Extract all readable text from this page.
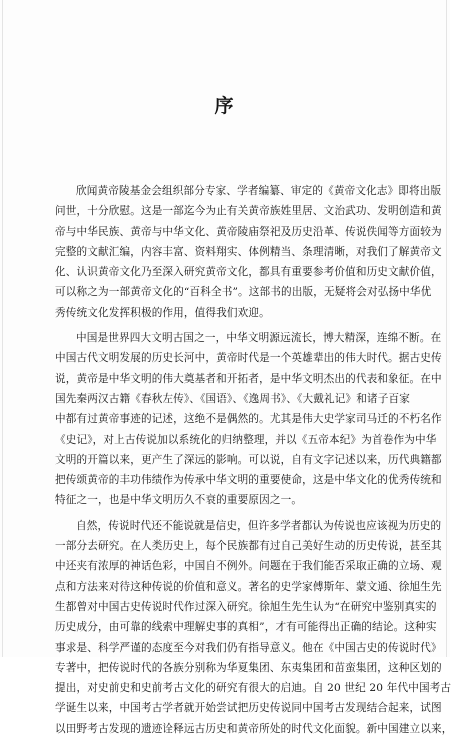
序
欣闻黄帝陵基金会组织部分专家、学者编纂、审定的《黄帝文化志》即将出版
问世，十分欣慰。这是一部迄今为止有关黄帝族姓里居、文治武功、发明创造和黄
帝与中华民族、黄帝与中华文化、黄帝陵庙祭祀及历史沿革、传说佚闻等方面较为
完整的文献汇编，内容丰富、资料翔实、体例精当、条理清晰，对我们了解黄帝文
化、认识黄帝文化乃至深入研究黄帝文化，都具有重要参考价值和历史文献价值，
可以称之为一部黄帝文化的“百科全书”。这部书的出版，无疑将会对弘扬中华优
秀传统文化发挥积极的作用，值得我们欢迎。
中国是世界四大文明古国之一，中华文明源远流长，博大精深，连绵不断。在
中国古代文明发展的历史长河中，黄帝时代是一个英雄辈出的伟大时代。据古史传
说，黄帝是中华文明的伟大奠基者和开拓者，是中华文明杰出的代表和象征。在中
国先秦两汉古籍《春秋左传》、《国语》、《逸周书》、《大戴礼记》和诸子百家
中都有过黄帝事迹的记述，这绝不是偶然的。尤其是伟大史学家司马迁的不朽名作
《史记》，对上古传说加以系统化的归纳整理，并以《五帝本纪》为首卷作为中华
文明的开篇以来，更产生了深远的影响。可以说，自有文字记述以来，历代典籍都
把传颂黄帝的丰功伟绩作为传承中华文明的重要使命，这是中华文化的优秀传统和
特征之一，也是中华文明历久不衰的重要原因之一。
自然，传说时代还不能说就是信史，但许多学者都认为传说也应该视为历史的
一部分去研究。在人类历史上，每个民族都有过自己美好生动的历史传说，甚至其
中还夹有浓厚的神话色彩，中国自不例外。问题在于我们能否采取正确的立场、观
点和方法来对待这种传说的价值和意义。著名的史学家傅斯年、蒙文通、徐旭生先
生都曾对中国古史传说时代作过深入研究。徐旭生先生认为“在研究中鉴别真实的
历史成分，由可靠的线索中理解史事的真相”，才有可能得出正确的结论。这种实
事求是、科学严谨的态度至今对我们仍有指导意义。他在《中国古史的传说时代》
专著中，把传说时代的各族分别称为华夏集团、东夷集团和苗蛮集团，这种区划的
提出，对史前史和史前考古文化的研究有很大的启迪。自 20 世纪 20 年代中国考古
学诞生以来，中国考古学者就开始尝试把历史传说同中国考古发现结合起来，试图
以田野考古发现的遗迹诠释远古历史和黄帝所处的时代文化面貌。新中国建立以来，
